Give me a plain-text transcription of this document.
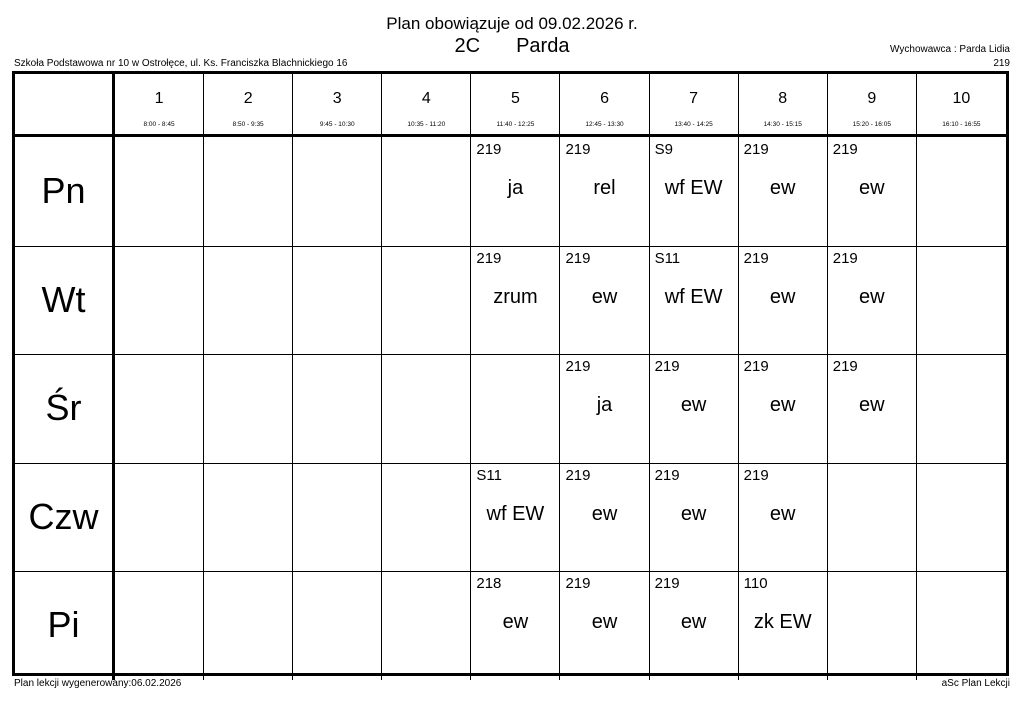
Plan obowiązuje od 09.02.2026 r.
2C Parda
Szkoła Podstawowa nr 10 w Ostrołęce, ul. Ks. Franciszka Blachnickiego 16
Wychowawca : Parda Lidia
219
1
8:00 - 8:45
2
8:50 - 9:35
3
9:45 - 10:30
4
10:35 - 11:20
5
11:40 - 12:25
6
12:45 - 13:30
7
13:40 - 14:25
8
14:30 - 15:15
9
15:20 - 16:05
10
16:10 - 16:55
Pn
219
ja
219
rel
S9
wf EW
219
ew
219
ew
Wt
219
zrum
219
ew
S11
wf EW
219
ew
219
ew
Śr
219
ja
219
ew
219
ew
219
ew
Czw
S11
wf EW
219
ew
219
ew
219
ew
Pi
218
ew
219
ew
219
ew
110
zk EW
Plan lekcji wygenerowany:06.02.2026	aSc Plan Lekcji
